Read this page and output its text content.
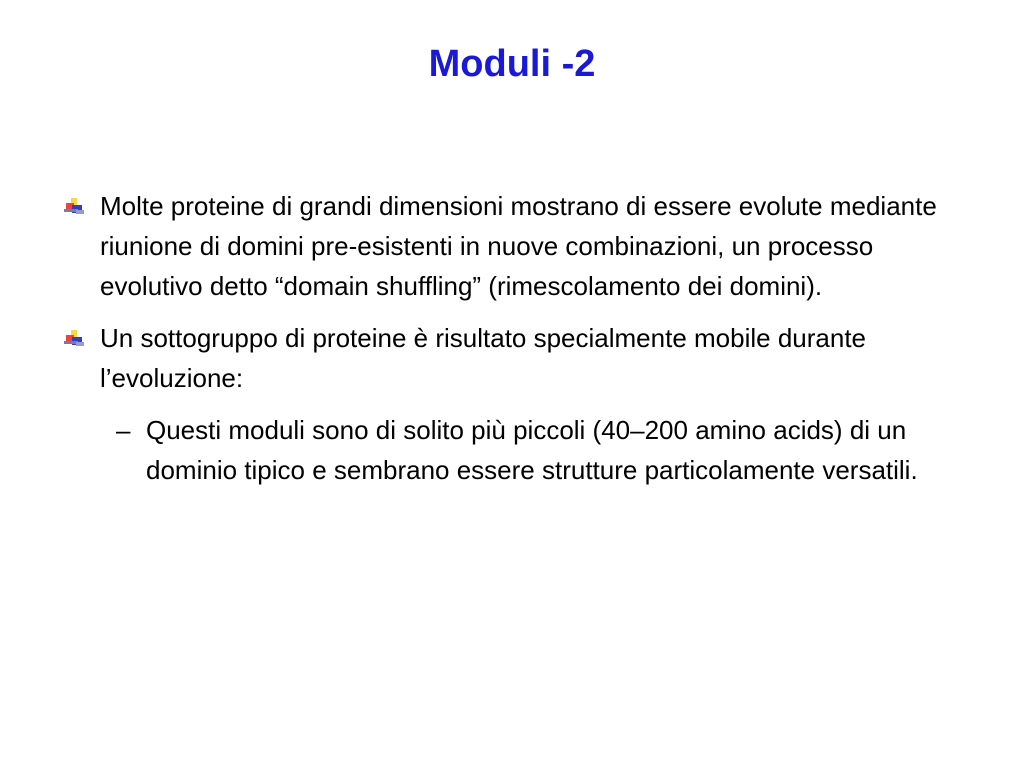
Moduli -2
Molte proteine di grandi dimensioni mostrano di essere evolute mediante riunione di domini pre-esistenti in nuove combinazioni, un processo evolutivo detto “domain shuffling” (rimescolamento dei domini).
Un sottogruppo di proteine è risultato specialmente mobile durante l’evoluzione:
– Questi moduli sono di solito più piccoli (40–200 amino acids) di un dominio tipico e sembrano essere strutture particolamente versatili.
